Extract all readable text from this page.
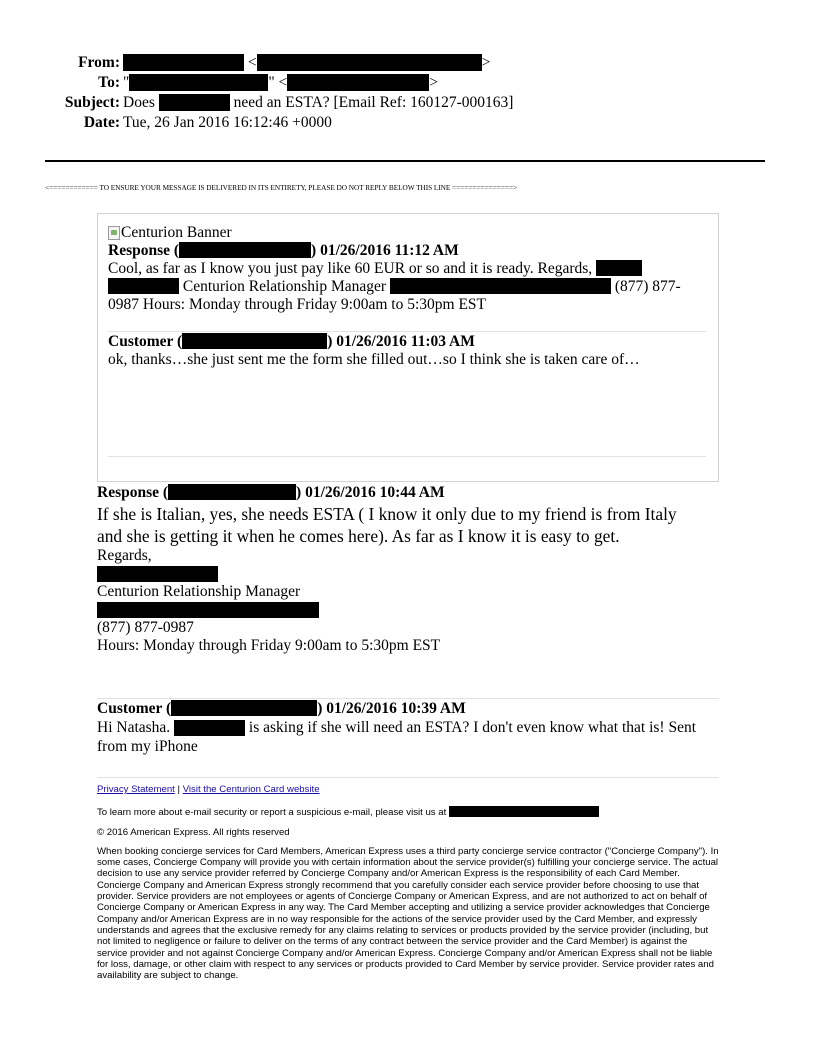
From:	<	>
To: "	" <	>
Subject: Does	need an ESTA? [Email Ref: 160127-000163]
Date: Tue, 26 Jan 2016 16:12:46 +0000
<============ TO ENSURE YOUR MESSAGE IS DELIVERED IN ITS ENTIRETY, PLEASE DO NOT REPLY BELOW THIS LINE ===============>
Centurion Banner
Response (	) 01/26/2016 11:12 AM
Cool, as far as I know you just pay like 60 EUR or so and it is ready. Regards,
Centurion Relationship Manager	(877) 877-
0987 Hours: Monday through Friday 9:00am to 5:30pm EST
Customer (	) 01/26/2016 11:03 AM
ok, thanks…she just sent me the form she filled out…so I think she is taken care of…
Response (	) 01/26/2016 10:44 AM
If she is Italian, yes, she needs ESTA ( I know it only due to my friend is from Italy
and she is getting it when he comes here). As far as I know it is easy to get.
Regards,
Centurion Relationship Manager
(877) 877-0987
Hours: Monday through Friday 9:00am to 5:30pm EST
Customer (	) 01/26/2016 10:39 AM
Hi Natasha.	is asking if she will need an ESTA? I don't even know what that is! Sent
from my iPhone
Privacy Statement | Visit the Centurion Card website
To learn more about e-mail security or report a suspicious e-mail, please visit us at
© 2016 American Express. All rights reserved
When booking concierge services for Card Members, American Express uses a third party concierge service contractor ("Concierge Company"). In some cases, Concierge Company will provide you with certain information about the service provider(s) fulfilling your concierge service. The actual decision to use any service provider referred by Concierge Company and/or American Express is the responsibility of each Card Member. Concierge Company and American Express strongly recommend that you carefully consider each service provider before choosing to use that provider. Service providers are not employees or agents of Concierge Company or American Express, and are not authorized to act on behalf of Concierge Company or American Express in any way. The Card Member accepting and utilizing a service provider acknowledges that Concierge Company and/or American Express are in no way responsible for the actions of the service provider used by the Card Member, and expressly understands and agrees that the exclusive remedy for any claims relating to services or products provided by the service provider (including, but not limited to negligence or failure to deliver on the terms of any contract between the service provider and the Card Member) is against the service provider and not against Concierge Company and/or American Express. Concierge Company and/or American Express shall not be liable for loss, damage, or other claim with respect to any services or products provided to Card Member by service provider. Service provider rates and availability are subject to change.
